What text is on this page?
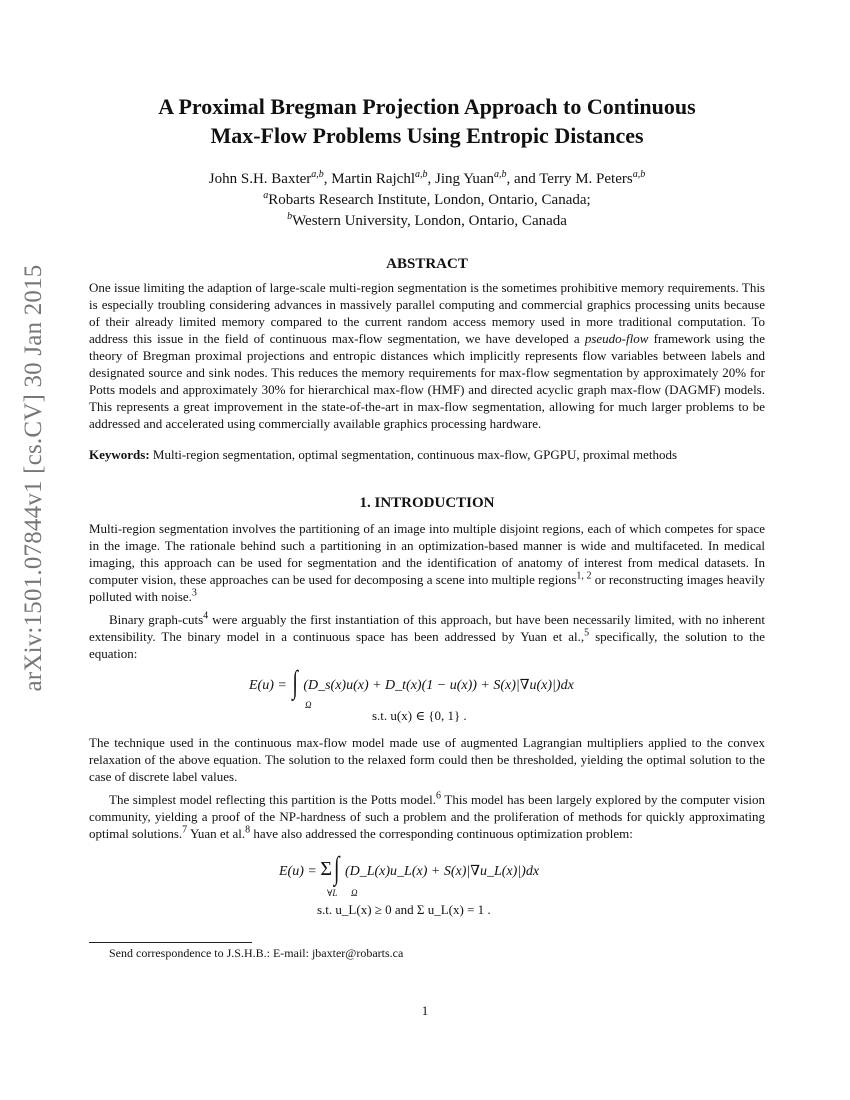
arXiv:1501.07844v1 [cs.CV] 30 Jan 2015
A Proximal Bregman Projection Approach to Continuous
Max-Flow Problems Using Entropic Distances
John S.H. Baxter$^{a,b}$, Martin Rajchl$^{a,b}$, Jing Yuan$^{a,b}$, and Terry M. Peters$^{a,b}$
$^a$Robarts Research Institute, London, Ontario, Canada;
$^b$Western University, London, Ontario, Canada
ABSTRACT

One issue limiting the adaption of large-scale multi-region segmentation is the sometimes prohibitive memory requirements. This is especially troubling considering advances in massively parallel computing and commercial graphics processing units because of their already limited memory compared to the current random access memory used in more traditional computation. To address this issue in the field of continuous max-flow segmentation, we have developed a pseudo-flow framework using the theory of Bregman proximal projections and entropic distances which implicitly represents flow variables between labels and designated source and sink nodes. This reduces the memory requirements for max-flow segmentation by approximately 20% for Potts models and approximately 30% for hierarchical max-flow (HMF) and directed acyclic graph max-flow (DAGMF) models. This represents a great improvement in the state-of-the-art in max-flow segmentation, allowing for much larger problems to be addressed and accelerated using commercially available graphics processing hardware.

Keywords: Multi-region segmentation, optimal segmentation, continuous max-flow, GPGPU, proximal methods

1. INTRODUCTION

Multi-region segmentation involves the partitioning of an image into multiple disjoint regions, each of which competes for space in the image. The rationale behind such a partitioning in an optimization-based manner is wide and multifaceted. In medical imaging, this approach can be used for segmentation and the identification of anatomy of interest from medical datasets. In computer vision, these approaches can be used for decomposing a scene into multiple regions$^{1, 2}$ or reconstructing images heavily polluted with noise.$^3$

Binary graph-cuts$^4$ were arguably the first instantiation of this approach, but have been necessarily limited, with no inherent extensibility. The binary model in a continuous space has been addressed by Yuan et al.,$^5$ specifically, the solution to the equation:

E(u) = ∫
Ω
(D_s(x)u(x) + D_t(x)(1 − u(x)) + S(x)|∇u(x)|)dx
s.t. u(x) ∈ {0, 1} .

The technique used in the continuous max-flow model made use of augmented Lagrangian multipliers applied to the convex relaxation of the above equation. The solution to the relaxed form could then be thresholded, yielding the optimal solution to the case of discrete label values.

The simplest model reflecting this partition is the Potts model.$^6$ This model has been largely explored by the computer vision community, yielding a proof of the NP-hardness of such a problem and the proliferation of methods for quickly approximating optimal solutions.$^7$ Yuan et al.$^8$ have also addressed the corresponding continuous optimization problem:

E(u) = Σ ∫
∀L Ω
(D_L(x)u_L(x) + S(x)|∇u_L(x)|)dx
s.t. u_L(x) ≥ 0 and Σ u_L(x) = 1 .
Send correspondence to J.S.H.B.: E-mail: jbaxter@robarts.ca
1
